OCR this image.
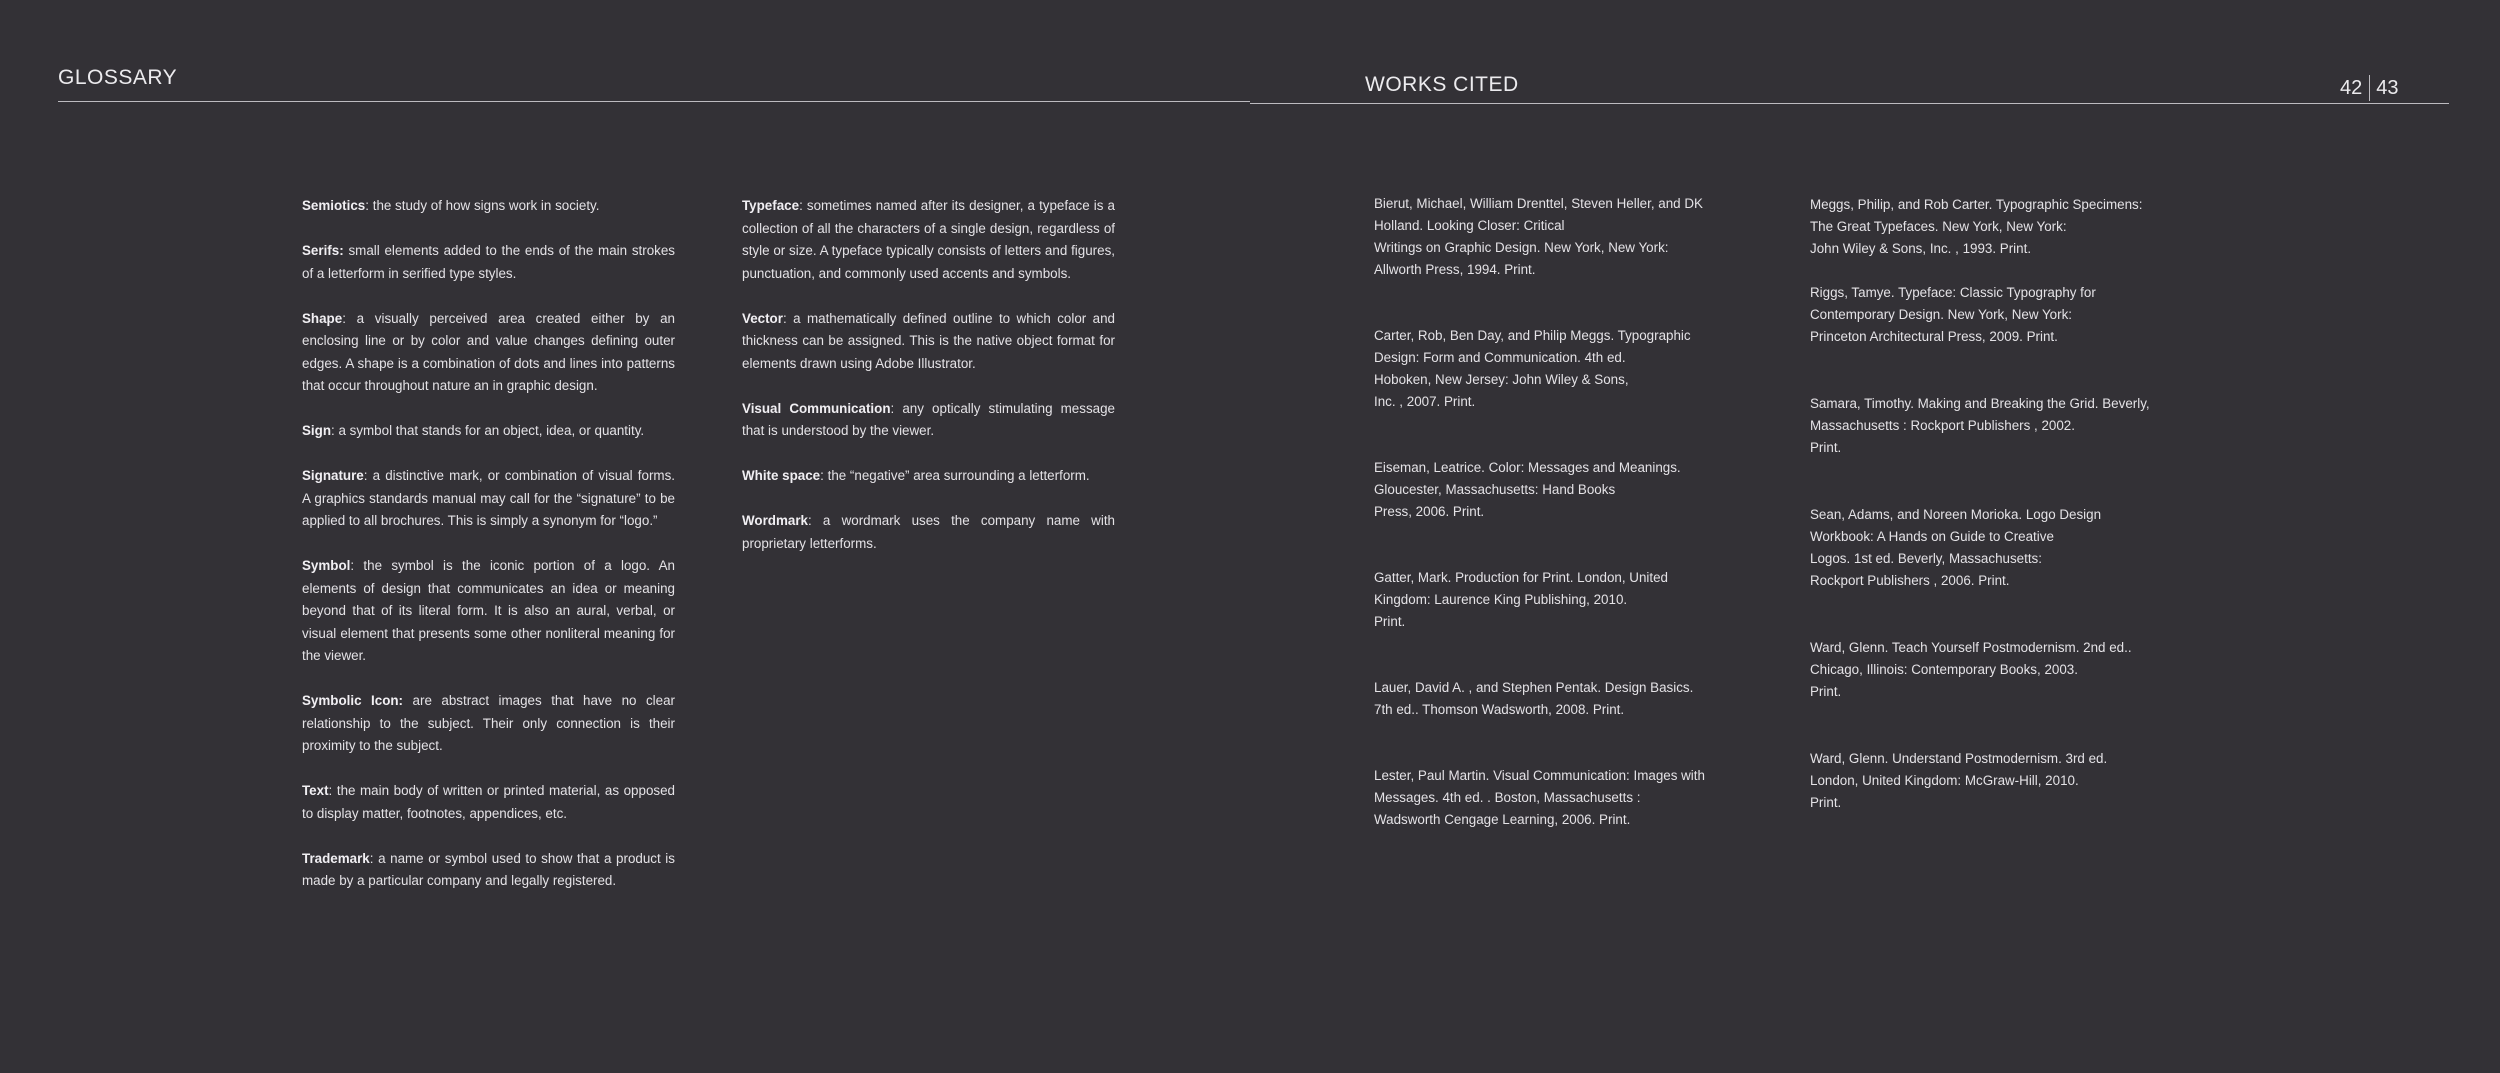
GLOSSARY	WORKS CITED	42 43

Semiotics: the study of how signs work in society.

Serifs: small elements added to the ends of the main strokes of a letterform in serified type styles.

Shape: a visually perceived area created either by an enclosing line or by color and value changes defining outer edges. A shape is a combination of dots and lines into patterns that occur throughout nature an in graphic design.

Sign: a symbol that stands for an object, idea, or quantity.

Signature: a distinctive mark, or combination of visual forms. A graphics standards manual may call for the “signature” to be applied to all brochures. This is simply a synonym for “logo.”

Symbol: the symbol is the iconic portion of a logo. An elements of design that communicates an idea or meaning beyond that of its literal form. It is also an aural, verbal, or visual element that presents some other nonliteral meaning for the viewer.

Symbolic Icon: are abstract images that have no clear relationship to the subject. Their only connection is their proximity to the subject.

Text: the main body of written or printed material, as opposed to display matter, footnotes, appendices, etc.

Trademark: a name or symbol used to show that a product is made by a particular company and legally registered.

Typeface: sometimes named after its designer, a typeface is a collection of all the characters of a single design, regardless of style or size. A typeface typically consists of letters and figures, punctuation, and commonly used accents and symbols.

Vector: a mathematically defined outline to which color and thickness can be assigned. This is the native object format for elements drawn using Adobe Illustrator.

Visual Communication: any optically stimulating message that is understood by the viewer.

White space: the “negative” area surrounding a letterform.

Wordmark: a wordmark uses the company name with proprietary letterforms.

Bierut, Michael, William Drenttel, Steven Heller, and DK
Holland. Looking Closer: Critical
Writings on Graphic Design. New York, New York:
Allworth Press, 1994. Print.
Carter, Rob, Ben Day, and Philip Meggs. Typographic
Design: Form and Communication. 4th ed.
Hoboken, New Jersey: John Wiley & Sons,
Inc. , 2007. Print.
Eiseman, Leatrice. Color: Messages and Meanings.
Gloucester, Massachusetts: Hand Books
Press, 2006. Print.
Gatter, Mark. Production for Print. London, United
Kingdom: Laurence King Publishing, 2010.
Print.
Lauer, David A. , and Stephen Pentak. Design Basics.
7th ed.. Thomson Wadsworth, 2008. Print.
Lester, Paul Martin. Visual Communication: Images with
Messages. 4th ed. . Boston, Massachusetts :
Wadsworth Cengage Learning, 2006. Print.
Meggs, Philip, and Rob Carter. Typographic Specimens:
The Great Typefaces. New York, New York:
John Wiley & Sons, Inc. , 1993. Print.
Riggs, Tamye. Typeface: Classic Typography for
Contemporary Design. New York, New York:
Princeton Architectural Press, 2009. Print.
Samara, Timothy. Making and Breaking the Grid. Beverly,
Massachusetts : Rockport Publishers , 2002.
Print.
Sean, Adams, and Noreen Morioka. Logo Design
Workbook: A Hands on Guide to Creative
Logos. 1st ed. Beverly, Massachusetts:
Rockport Publishers , 2006. Print.
Ward, Glenn. Teach Yourself Postmodernism. 2nd ed..
Chicago, Illinois: Contemporary Books, 2003.
Print.
Ward, Glenn. Understand Postmodernism. 3rd ed.
London, United Kingdom: McGraw-Hill, 2010.
Print.
